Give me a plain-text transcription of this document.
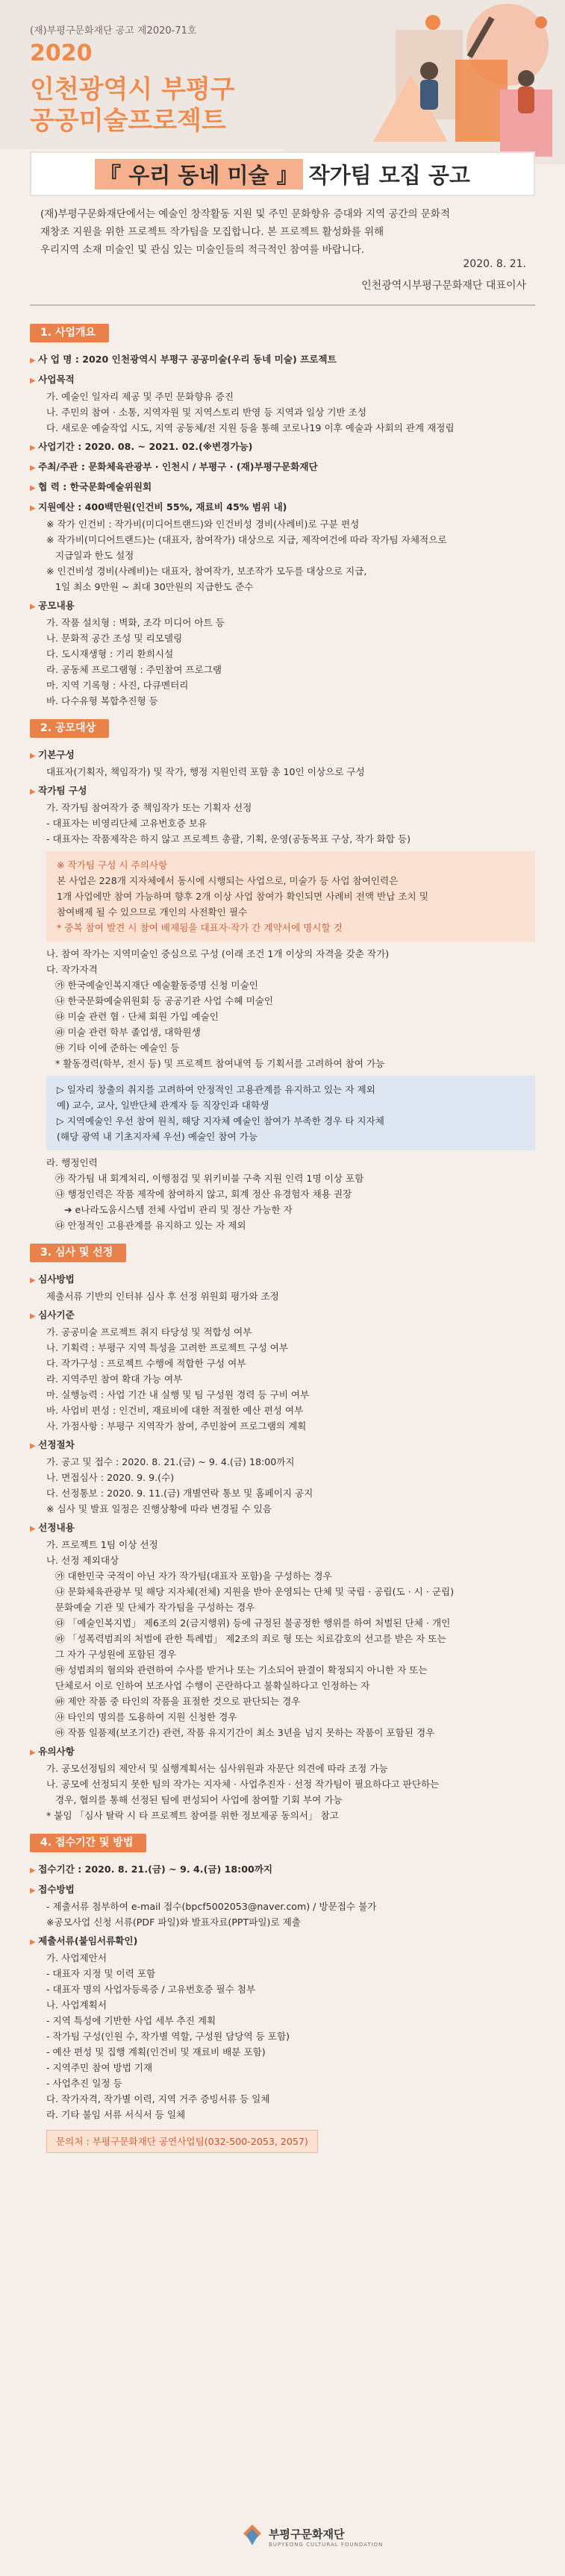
(재)부평구문화재단 공고 제2020-71호
2020
인천광역시 부평구
공공미술프로젝트
『 우리 동네 미술 』 작가팀 모집 공고
(재)부평구문화재단에서는 예술인 창작활동 지원 및 주민 문화향유 증대와 지역 공간의 문화적
재창조 지원을 위한 프로젝트 작가팀을 모집합니다. 본 프로젝트 활성화를 위해
우리지역 소재 미술인 및 관심 있는 미술인들의 적극적인 참여를 바랍니다.
2020. 8. 21.
인천광역시부평구문화재단 대표이사
1. 사업개요
▶ 사 업 명 : 2020 인천광역시 부평구 공공미술(우리 동네 미술) 프로젝트
▶ 사업목적
가. 예술인 일자리 제공 및 주민 문화향유 증진
나. 주민의 참여 · 소통, 지역자원 및 지역스토리 반영 등 지역과 일상 기반 조성
다. 새로운 예술작업 시도, 지역 공동체/전 지원 등을 통해 코로나19 이후 예술과 사회의 관계 재정립
▶ 사업기간 : 2020. 08. ~ 2021. 02.(※변경가능)
▶ 주최/주관 : 문화체육관광부 · 인천시 / 부평구 · (재)부평구문화재단
▶ 협 력 : 한국문화예술위원회
▶ 지원예산 : 400백만원(인건비 55%, 재료비 45% 범위 내)
※ 작가 인건비 : 작가비(미디어트랜드)와 인건비성 경비(사례비)로 구분 편성
※ 작가비(미디어트랜드)는 (대표자, 참여작가) 대상으로 지급, 제작여건에 따라 작가팀 자체적으로
지급일과 한도 설정
※ 인건비성 경비(사례비)는 대표자, 참여작가, 보조작가 모두를 대상으로 지급,
1일 최소 9만원 ~ 최대 30만원의 지급한도 준수
▶ 공모내용
가. 작품 설치형 : 벽화, 조각 미디어 아트 등
나. 문화적 공간 조성 및 리모델링
다. 도시재생형 : 기리 환희시설
라. 공동체 프로그램형 : 주민참여 프로그램
마. 지역 기록형 : 사진, 다큐멘터리
바. 다수유형 복합추진형 등
2. 공모대상
▶ 기본구성
대표자(기획자, 책임작가) 및 작가, 행정 지원인력 포함 총 10인 이상으로 구성
▶ 작가팀 구성
가. 작가팀 참여작가 중 책임작가 또는 기획자 선정
- 대표자는 비영리단체 고유번호증 보유
- 대표자는 작품제작은 하지 않고 프로젝트 총괄, 기획, 운영(공동목표 구상, 작가 화합 등)
※ 작가팀 구성 시 주의사항
본 사업은 228개 지자체에서 동시에 시행되는 사업으로, 미술가 등 사업 참여인력은
1개 사업에만 참여 가능하며 향후 2개 이상 사업 참여가 확인되면 사례비 전액 반납 조치 및
참여배제 될 수 있으므로 개인의 사전확인 필수
* 중복 참여 발견 시 참여 배제됨을 대표자·작가 간 계약서에 명시할 것
나. 참여 작가는 지역미술인 중심으로 구성 (이래 조건 1개 이상의 자격을 갖춘 작가)
다. 작가자격
㉮ 한국예술인복지재단 예술활동증명 신청 미술인
㉯ 한국문화예술위원회 등 공공기관 사업 수혜 미술인
㉰ 미술 관련 협 · 단체 회원 가입 예술인
㉱ 미술 관련 학부 졸업생, 대학원생
㉲ 기타 이에 준하는 예술인 등
* 활동경력(학부, 전시 등) 및 프로젝트 참여내역 등 기획서를 고려하여 참여 가능
▷ 일자리 창출의 취지를 고려하여 안정적인 고용관계를 유지하고 있는 자 제외
예) 교수, 교사, 일반단체 관계자 등 직장인과 대학생
▷ 지역예술인 우선 참여 원칙, 해당 지자체 예술인 참여가 부족한 경우 타 지자체
(해당 광역 내 기초지자체 우선) 예술인 참여 가능
라. 행정인력
㉮ 작가팀 내 회계처리, 이행점검 및 위키비블 구축 지원 인력 1명 이상 포함
㉯ 행정인력은 작품 제작에 참여하지 않고, 회계 정산 유경험자 채용 권장
➔ e나라도움시스템 전체 사업비 관리 및 정산 가능한 자
㉰ 안정적인 고용관계를 유지하고 있는 자 제외
3. 심사 및 선정
▶ 심사방법
제출서류 기반의 인터뷰 심사 후 선정 위원회 평가와 조정
▶ 심사기준
가. 공공미술 프로젝트 취지 타당성 및 적합성 여부
나. 기획력 : 부평구 지역 특성을 고려한 프로젝트 구성 여부
다. 작가구성 : 프로젝트 수행에 적합한 구성 여부
라. 지역주민 참여 확대 가능 여부
마. 실행능력 : 사업 기간 내 실행 및 팀 구성원 경력 등 구비 여부
바. 사업비 편성 : 인건비, 재료비에 대한 적절한 예산 편성 여부
사. 가점사항 : 부평구 지역작가 참여, 주민참여 프로그램의 계획
▶ 선정절차
가. 공고 및 접수 : 2020. 8. 21.(금) ~ 9. 4.(금) 18:00까지
나. 면접심사 : 2020. 9. 9.(수)
다. 선정통보 : 2020. 9. 11.(금) 개별연락 통보 및 홈페이지 공지
※ 심사 및 발표 일정은 진행상황에 따라 변경될 수 있음
▶ 선정내용
가. 프로젝트 1팀 이상 선정
나. 선정 제외대상
㉮ 대한민국 국적이 아닌 자가 작가팀(대표자 포함)을 구성하는 경우
㉯ 문화체육관광부 및 해당 지자체(전체) 지원을 받아 운영되는 단체 및 국립 · 공립(도 · 시 · 군립)
문화예술 기관 및 단체가 작가팀을 구성하는 경우
㉰ 「예술인복지법」 제6조의 2(금지행위) 등에 규정된 불공정한 행위를 하여 처벌된 단체 · 개인
㉱ 「성폭력범죄의 처벌에 관한 특례법」 제2조의 죄로 형 또는 치료감호의 선고를 받은 자 또는
그 자가 구성원에 포함된 경우
㉲ 성범죄의 혐의와 관련하여 수사를 받거나 또는 기소되어 판결이 확정되지 아니한 자 또는
단체로서 이로 인하여 보조사업 수행이 곤란하다고 불확실하다고 인정하는 자
㉳ 제안 작품 중 타인의 작품을 표절한 것으로 판단되는 경우
㉴ 타인의 명의를 도용하여 지원 신청한 경우
㉵ 작품 일품제(보조기간) 관련, 작품 유지기간이 최소 3년을 넘지 못하는 작품이 포함된 경우
▶ 유의사항
가. 공모선정팀의 제안서 및 실행계획서는 심사위원과 자문단 의견에 따라 조정 가능
나. 공모에 선정되지 못한 팀의 작가는 지자체 · 사업추진자 · 선정 작가팀이 필요하다고 판단하는
경우, 협의를 통해 선정된 팀에 편성되어 사업에 참여할 기회 부여 가능
* 붙임 「심사 탈락 시 타 프로젝트 참여를 위한 정보제공 동의서」 참고
4. 접수기간 및 방법
▶ 접수기간 : 2020. 8. 21.(금) ~ 9. 4.(금) 18:00까지
▶ 접수방법
- 제출서류 첨부하여 e-mail 접수(bpcf5002053@naver.com) / 방문접수 불가
※공모사업 신청 서류(PDF 파일)와 발표자료(PPT파일)로 제출
▶ 제출서류(붙임서류확인)
가. 사업제안서
- 대표자 지정 및 이력 포함
- 대표자 명의 사업자등록증 / 고유번호증 필수 첨부
나. 사업계획서
- 지역 특성에 기반한 사업 세부 추진 계획
- 작가팀 구성(인원 수, 작가별 역할, 구성원 담당역 등 포함)
- 예산 편성 및 집행 계획(인건비 및 재료비 배분 포함)
- 지역주민 참여 방법 기재
- 사업추진 일정 등
다. 작가자격, 작가별 이력, 지역 거주 증빙서류 등 일체
라. 기타 불임 서류 서식서 등 일체
문의처 : 부평구문화재단 공연사업팀(032-500-2053, 2057)
부평구문화재단
BUPYEONG CULTURAL FOUNDATION
